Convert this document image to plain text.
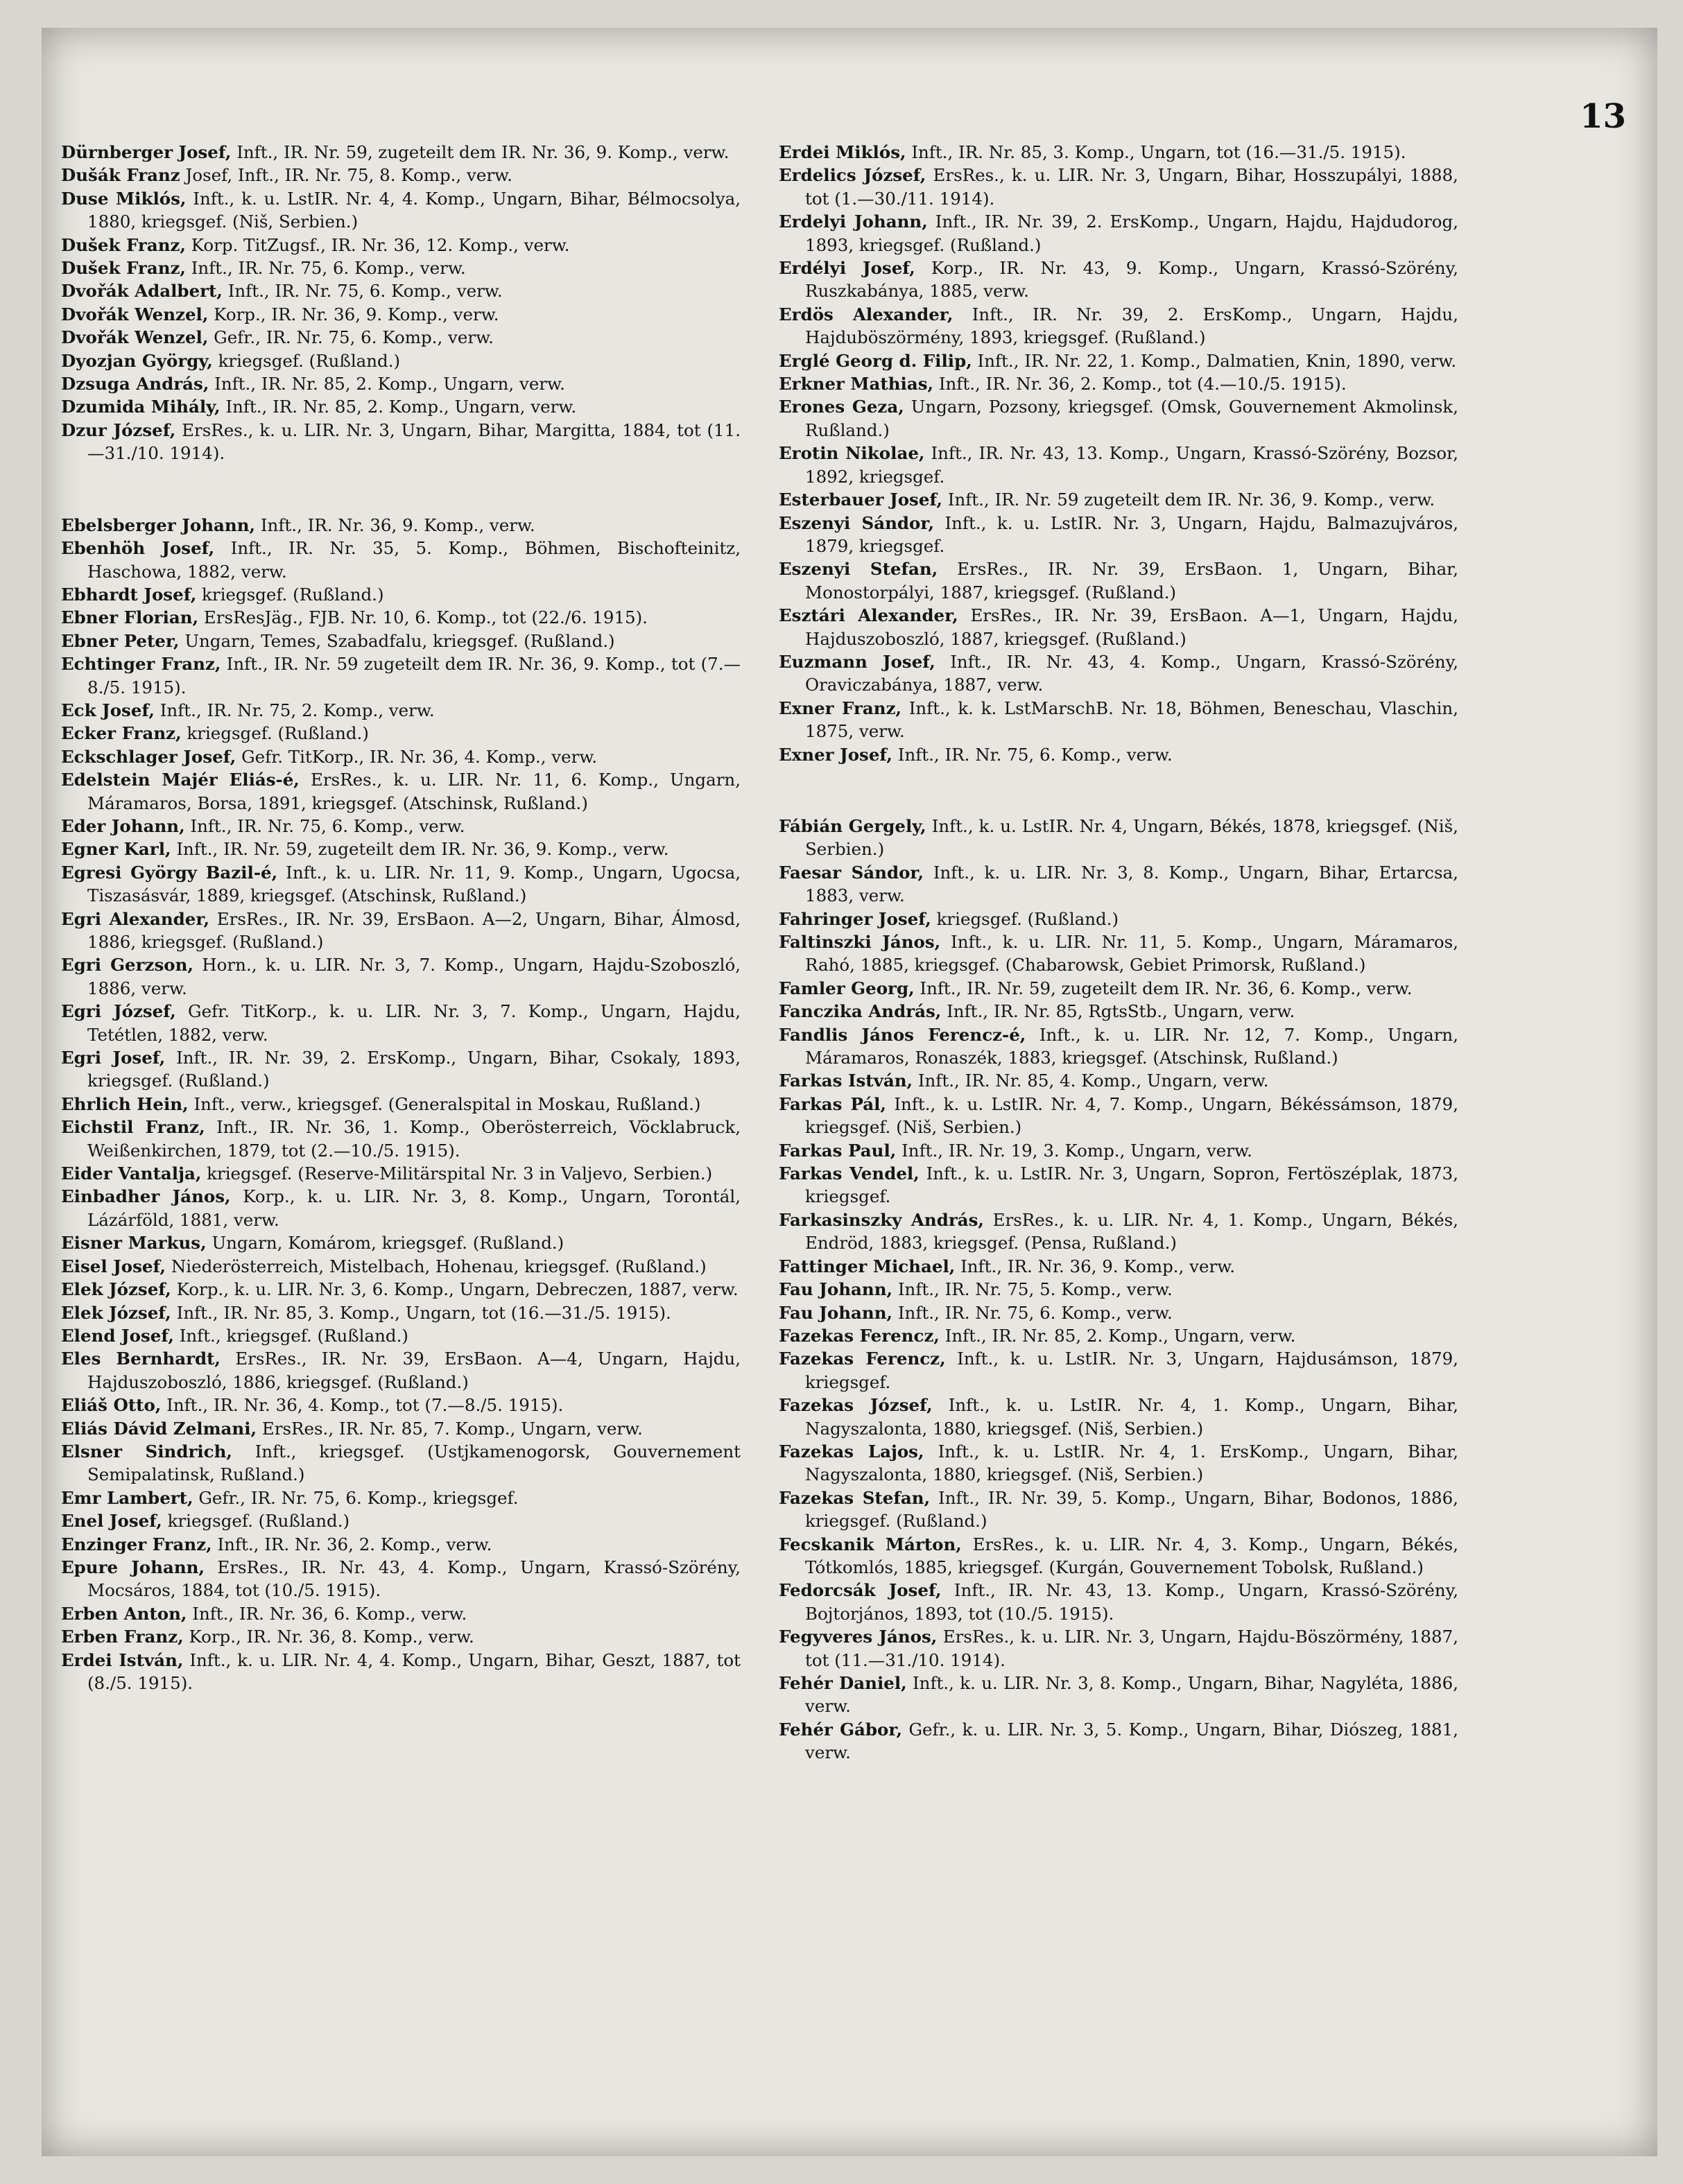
13
Dürnberger Josef, Inft., IR. Nr. 59, zugeteilt dem IR. Nr. 36, 9. Komp., verw.
Dušák Franz Josef, Inft., IR. Nr. 75, 8. Komp., verw.
Duse Miklós, Inft., k. u. LstIR. Nr. 4, 4. Komp., Ungarn, Bihar, Bélmocsolya, 1880, kriegsgef. (Niš, Serbien.)
Dušek Franz, Korp. TitZugsf., IR. Nr. 36, 12. Komp., verw.
Dušek Franz, Inft., IR. Nr. 75, 6. Komp., verw.
Dvořák Adalbert, Inft., IR. Nr. 75, 6. Komp., verw.
Dvořák Wenzel, Korp., IR. Nr. 36, 9. Komp., verw.
Dvořák Wenzel, Gefr., IR. Nr. 75, 6. Komp., verw.
Dyozjan György, kriegsgef. (Rußland.)
Dzsuga András, Inft., IR. Nr. 85, 2. Komp., Ungarn, verw.
Dzumida Mihály, Inft., IR. Nr. 85, 2. Komp., Ungarn, verw.
Dzur József, ErsRes., k. u. LIR. Nr. 3, Ungarn, Bihar, Margitta, 1884, tot (11.—31./10. 1914).
Ebelsberger Johann, Inft., IR. Nr. 36, 9. Komp., verw.
Ebenhöh Josef, Inft., IR. Nr. 35, 5. Komp., Böhmen, Bischofteinitz, Haschowa, 1882, verw.
Ebhardt Josef, kriegsgef. (Rußland.)
Ebner Florian, ErsResJäg., FJB. Nr. 10, 6. Komp., tot (22./6. 1915).
Ebner Peter, Ungarn, Temes, Szabadfalu, kriegsgef. (Rußland.)
Echtinger Franz, Inft., IR. Nr. 59 zugeteilt dem IR. Nr. 36, 9. Komp., tot (7.—8./5. 1915).
Eck Josef, Inft., IR. Nr. 75, 2. Komp., verw.
Ecker Franz, kriegsgef. (Rußland.)
Eckschlager Josef, Gefr. TitKorp., IR. Nr. 36, 4. Komp., verw.
Edelstein Majér Eliás-é, ErsRes., k. u. LIR. Nr. 11, 6. Komp., Ungarn, Máramaros, Borsa, 1891, kriegsgef. (Atschinsk, Rußland.)
Eder Johann, Inft., IR. Nr. 75, 6. Komp., verw.
Egner Karl, Inft., IR. Nr. 59, zugeteilt dem IR. Nr. 36, 9. Komp., verw.
Egresi György Bazil-é, Inft., k. u. LIR. Nr. 11, 9. Komp., Ungarn, Ugocsa, Tiszasásvár, 1889, kriegsgef. (Atschinsk, Rußland.)
Egri Alexander, ErsRes., IR. Nr. 39, ErsBaon. A—2, Ungarn, Bihar, Álmosd, 1886, kriegsgef. (Rußland.)
Egri Gerzson, Horn., k. u. LIR. Nr. 3, 7. Komp., Ungarn, Hajdu-Szoboszló, 1886, verw.
Egri József, Gefr. TitKorp., k. u. LIR. Nr. 3, 7. Komp., Ungarn, Hajdu, Tetétlen, 1882, verw.
Egri Josef, Inft., IR. Nr. 39, 2. ErsKomp., Ungarn, Bihar, Csokaly, 1893, kriegsgef. (Rußland.)
Ehrlich Hein, Inft., verw., kriegsgef. (Generalspital in Moskau, Rußland.)
Eichstil Franz, Inft., IR. Nr. 36, 1. Komp., Oberösterreich, Vöcklabruck, Weißenkirchen, 1879, tot (2.—10./5. 1915).
Eider Vantalja, kriegsgef. (Reserve-Militärspital Nr. 3 in Valjevo, Serbien.)
Einbadher János, Korp., k. u. LIR. Nr. 3, 8. Komp., Ungarn, Torontál, Lázárföld, 1881, verw.
Eisner Markus, Ungarn, Komárom, kriegsgef. (Rußland.)
Eisel Josef, Niederösterreich, Mistelbach, Hohenau, kriegsgef. (Rußland.)
Elek József, Korp., k. u. LIR. Nr. 3, 6. Komp., Ungarn, Debreczen, 1887, verw.
Elek József, Inft., IR. Nr. 85, 3. Komp., Ungarn, tot (16.—31./5. 1915).
Elend Josef, Inft., kriegsgef. (Rußland.)
Eles Bernhardt, ErsRes., IR. Nr. 39, ErsBaon. A—4, Ungarn, Hajdu, Hajduszoboszló, 1886, kriegsgef. (Rußland.)
Eliáš Otto, Inft., IR. Nr. 36, 4. Komp., tot (7.—8./5. 1915).
Eliás Dávid Zelmani, ErsRes., IR. Nr. 85, 7. Komp., Ungarn, verw.
Elsner Sindrich, Inft., kriegsgef. (Ustjkamenogorsk, Gouvernement Semipalatinsk, Rußland.)
Emr Lambert, Gefr., IR. Nr. 75, 6. Komp., kriegsgef.
Enel Josef, kriegsgef. (Rußland.)
Enzinger Franz, Inft., IR. Nr. 36, 2. Komp., verw.
Epure Johann, ErsRes., IR. Nr. 43, 4. Komp., Ungarn, Krassó-Szörény, Mocsáros, 1884, tot (10./5. 1915).
Erben Anton, Inft., IR. Nr. 36, 6. Komp., verw.
Erben Franz, Korp., IR. Nr. 36, 8. Komp., verw.
Erdei István, Inft., k. u. LIR. Nr. 4, 4. Komp., Ungarn, Bihar, Geszt, 1887, tot (8./5. 1915).
Erdei Miklós, Inft., IR. Nr. 85, 3. Komp., Ungarn, tot (16.—31./5. 1915).
Erdelics József, ErsRes., k. u. LIR. Nr. 3, Ungarn, Bihar, Hosszupályi, 1888, tot (1.—30./11. 1914).
Erdelyi Johann, Inft., IR. Nr. 39, 2. ErsKomp., Ungarn, Hajdu, Hajdudorog, 1893, kriegsgef. (Rußland.)
Erdélyi Josef, Korp., IR. Nr. 43, 9. Komp., Ungarn, Krassó-Szörény, Ruszkabánya, 1885, verw.
Erdös Alexander, Inft., IR. Nr. 39, 2. ErsKomp., Ungarn, Hajdu, Hajduböszörmény, 1893, kriegsgef. (Rußland.)
Erglé Georg d. Filip, Inft., IR. Nr. 22, 1. Komp., Dalmatien, Knin, 1890, verw.
Erkner Mathias, Inft., IR. Nr. 36, 2. Komp., tot (4.—10./5. 1915).
Erones Geza, Ungarn, Pozsony, kriegsgef. (Omsk, Gouvernement Akmolinsk, Rußland.)
Erotin Nikolae, Inft., IR. Nr. 43, 13. Komp., Ungarn, Krassó-Szörény, Bozsor, 1892, kriegsgef.
Esterbauer Josef, Inft., IR. Nr. 59 zugeteilt dem IR. Nr. 36, 9. Komp., verw.
Eszenyi Sándor, Inft., k. u. LstIR. Nr. 3, Ungarn, Hajdu, Balmazujváros, 1879, kriegsgef.
Eszenyi Stefan, ErsRes., IR. Nr. 39, ErsBaon. 1, Ungarn, Bihar, Monostorpályi, 1887, kriegsgef. (Rußland.)
Esztári Alexander, ErsRes., IR. Nr. 39, ErsBaon. A—1, Ungarn, Hajdu, Hajduszoboszló, 1887, kriegsgef. (Rußland.)
Euzmann Josef, Inft., IR. Nr. 43, 4. Komp., Ungarn, Krassó-Szörény, Oraviczabánya, 1887, verw.
Exner Franz, Inft., k. k. LstMarschB. Nr. 18, Böhmen, Beneschau, Vlaschin, 1875, verw.
Exner Josef, Inft., IR. Nr. 75, 6. Komp., verw.
Fábián Gergely, Inft., k. u. LstIR. Nr. 4, Ungarn, Békés, 1878, kriegsgef. (Niš, Serbien.)
Faesar Sándor, Inft., k. u. LIR. Nr. 3, 8. Komp., Ungarn, Bihar, Ertarcsa, 1883, verw.
Fahringer Josef, kriegsgef. (Rußland.)
Faltinszki János, Inft., k. u. LIR. Nr. 11, 5. Komp., Ungarn, Máramaros, Rahó, 1885, kriegsgef. (Chabarowsk, Gebiet Primorsk, Rußland.)
Famler Georg, Inft., IR. Nr. 59, zugeteilt dem IR. Nr. 36, 6. Komp., verw.
Fanczika András, Inft., IR. Nr. 85, RgtsStb., Ungarn, verw.
Fandlis János Ferencz-é, Inft., k. u. LIR. Nr. 12, 7. Komp., Ungarn, Máramaros, Ronaszék, 1883, kriegsgef. (Atschinsk, Rußland.)
Farkas István, Inft., IR. Nr. 85, 4. Komp., Ungarn, verw.
Farkas Pál, Inft., k. u. LstIR. Nr. 4, 7. Komp., Ungarn, Békéssámson, 1879, kriegsgef. (Niš, Serbien.)
Farkas Paul, Inft., IR. Nr. 19, 3. Komp., Ungarn, verw.
Farkas Vendel, Inft., k. u. LstIR. Nr. 3, Ungarn, Sopron, Fertöszéplak, 1873, kriegsgef.
Farkasinszky András, ErsRes., k. u. LIR. Nr. 4, 1. Komp., Ungarn, Békés, Endröd, 1883, kriegsgef. (Pensa, Rußland.)
Fattinger Michael, Inft., IR. Nr. 36, 9. Komp., verw.
Fau Johann, Inft., IR. Nr. 75, 5. Komp., verw.
Fau Johann, Inft., IR. Nr. 75, 6. Komp., verw.
Fazekas Ferencz, Inft., IR. Nr. 85, 2. Komp., Ungarn, verw.
Fazekas Ferencz, Inft., k. u. LstIR. Nr. 3, Ungarn, Hajdusámson, 1879, kriegsgef.
Fazekas József, Inft., k. u. LstIR. Nr. 4, 1. Komp., Ungarn, Bihar, Nagyszalonta, 1880, kriegsgef. (Niš, Serbien.)
Fazekas Lajos, Inft., k. u. LstIR. Nr. 4, 1. ErsKomp., Ungarn, Bihar, Nagyszalonta, 1880, kriegsgef. (Niš, Serbien.)
Fazekas Stefan, Inft., IR. Nr. 39, 5. Komp., Ungarn, Bihar, Bodonos, 1886, kriegsgef. (Rußland.)
Fecskanik Márton, ErsRes., k. u. LIR. Nr. 4, 3. Komp., Ungarn, Békés, Tótkomlós, 1885, kriegsgef. (Kurgán, Gouvernement Tobolsk, Rußland.)
Fedorcsák Josef, Inft., IR. Nr. 43, 13. Komp., Ungarn, Krassó-Szörény, Bojtorjános, 1893, tot (10./5. 1915).
Fegyveres János, ErsRes., k. u. LIR. Nr. 3, Ungarn, Hajdu-Böszörmény, 1887, tot (11.—31./10. 1914).
Fehér Daniel, Inft., k. u. LIR. Nr. 3, 8. Komp., Ungarn, Bihar, Nagyléta, 1886, verw.
Fehér Gábor, Gefr., k. u. LIR. Nr. 3, 5. Komp., Ungarn, Bihar, Diószeg, 1881, verw.
